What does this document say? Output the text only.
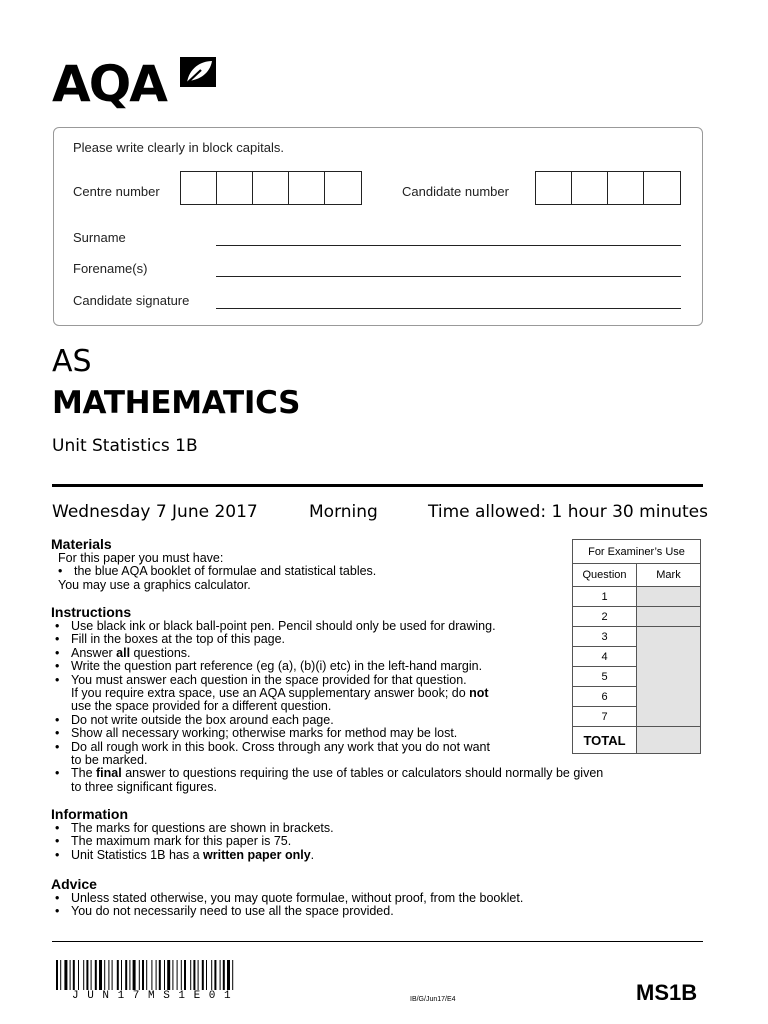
AQA
Please write clearly in block capitals.
Centre number	Candidate number
Surname
Forename(s)
Candidate signature
AS
MATHEMATICS
Unit Statistics 1B
Wednesday 7 June 2017	Morning	Time allowed: 1 hour 30 minutes
Materials
For this paper you must have:
• the blue AQA booklet of formulae and statistical tables.
You may use a graphics calculator.
Instructions
• Use black ink or black ball-point pen. Pencil should only be used for drawing.
• Fill in the boxes at the top of this page.
• Answer all questions.
• Write the question part reference (eg (a), (b)(i) etc) in the left-hand margin.
• You must answer each question in the space provided for that question.
If you require extra space, use an AQA supplementary answer book; do not
use the space provided for a different question.
• Do not write outside the box around each page.
• Show all necessary working; otherwise marks for method may be lost.
• Do all rough work in this book. Cross through any work that you do not want
to be marked.
• The final answer to questions requiring the use of tables or calculators should normally be given
to three significant figures.
Information
• The marks for questions are shown in brackets.
• The maximum mark for this paper is 75.
• Unit Statistics 1B has a written paper only.
Advice
• Unless stated otherwise, you may quote formulae, without proof, from the booklet.
• You do not necessarily need to use all the space provided.
For Examiner’s Use	
Question	Mark
1	
2	
3	
4	
5	
6	
7	
TOTAL	
JUN17MS1E01	IB/G/Jun17/E4	MS1B
